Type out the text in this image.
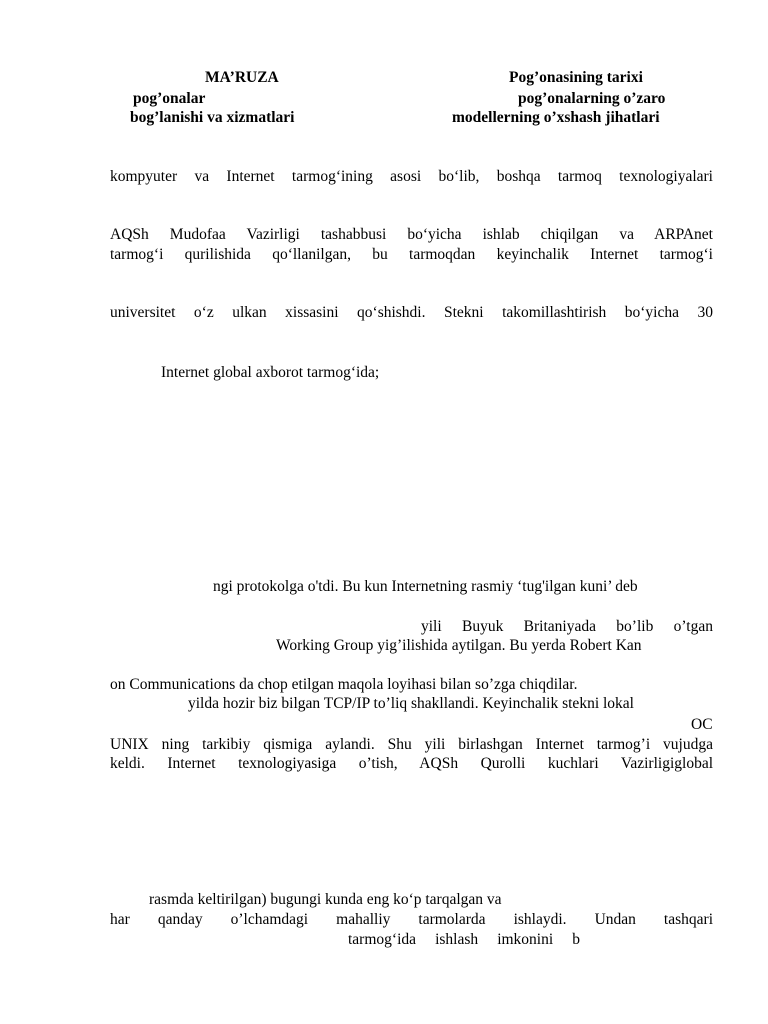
MA’RUZA	Pog’onasining tarixi
pog’onalar	pog’onalarning o’zaro
bog’lanishi va xizmatlari	modellerning o’xshash jihatlari
kompyuter va Internet tarmog‘ining asosi bo‘lib, boshqa tarmoq texnologiyalari
AQSh Mudofaa Vazirligi tashabbusi bo‘yicha ishlab chiqilgan va ARPAnet
tarmog‘i qurilishida qo‘llanilgan, bu tarmoqdan keyinchalik Internet tarmog‘i
universitet o‘z ulkan xissasini qo‘shishdi. Stekni takomillashtirish bo‘yicha 30
Internet global axborot tarmog‘ida;
ngi protokolga o'tdi. Bu kun Internetning rasmiy ‘tug'ilgan kuni’ deb
yili Buyuk Britaniyada bo’lib o’tgan
Working Group yig’ilishida aytilgan. Bu yerda Robert Kan
on Communications da chop etilgan maqola loyihasi bilan so’zga chiqdilar.
yilda hozir biz bilgan TCP/IP to’liq shakllandi. Keyinchalik stekni lokal
OC
UNIX ning tarkibiy qismiga aylandi. Shu yili birlashgan Internet tarmog’i vujudga
keldi. Internet texnologiyasiga o’tish, AQSh Qurolli kuchlari Vazirligiglobal
rasmda keltirilgan) bugungi kunda eng ko‘p tarqalgan va
har qanday o’lchamdagi mahalliy tarmolarda ishlaydi. Undan tashqari
tarmog‘ida ishlash imkonini b
